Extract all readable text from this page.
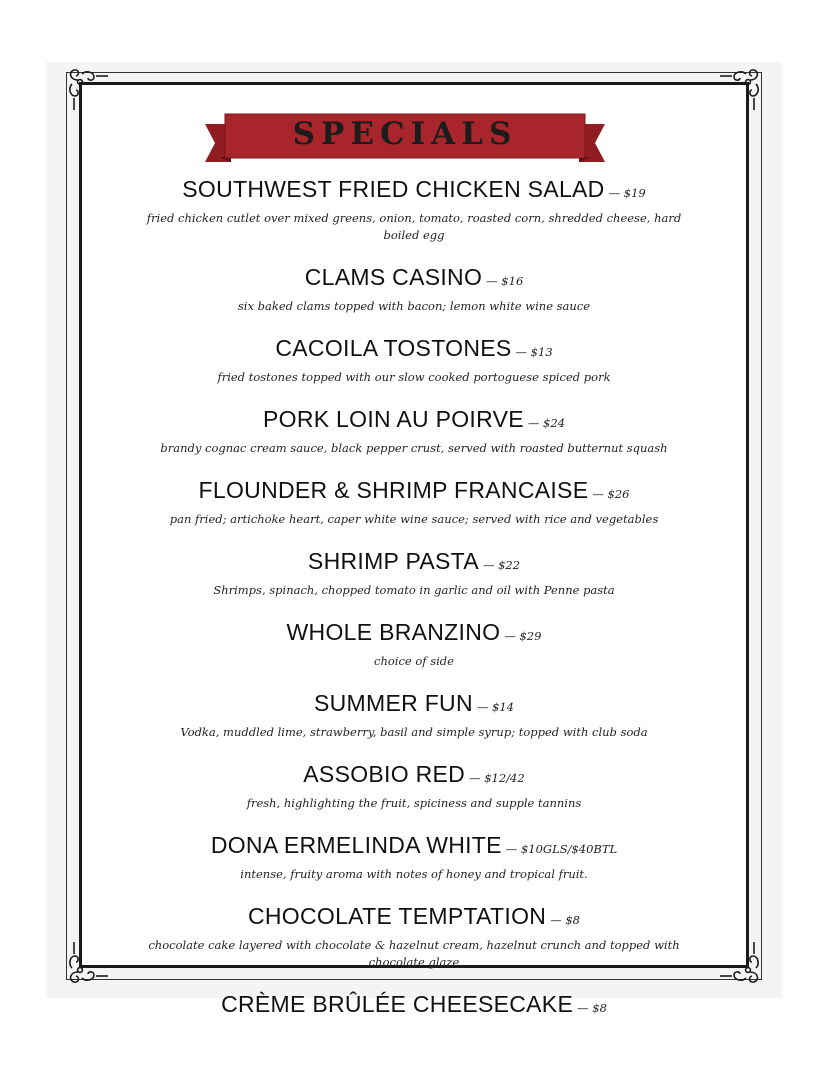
SPECIALS
SOUTHWEST FRIED CHICKEN SALAD — $19
fried chicken cutlet over mixed greens, onion, tomato, roasted corn, shredded cheese, hard boiled egg
CLAMS CASINO — $16
six baked clams topped with bacon; lemon white wine sauce
CACOILA TOSTONES — $13
fried tostones topped with our slow cooked portoguese spiced pork
PORK LOIN AU POIRVE — $24
brandy cognac cream sauce, black pepper crust, served with roasted butternut squash
FLOUNDER & SHRIMP FRANCAISE — $26
pan fried; artichoke heart, caper white wine sauce; served with rice and vegetables
SHRIMP PASTA — $22
Shrimps, spinach, chopped tomato in garlic and oil with Penne pasta
WHOLE BRANZINO — $29
choice of side
SUMMER FUN — $14
Vodka, muddled lime, strawberry, basil and simple syrup; topped with club soda
ASSOBIO RED — $12/42
fresh, highlighting the fruit, spiciness and supple tannins
DONA ERMELINDA WHITE — $10GLS/$40BTL
intense, fruity aroma with notes of honey and tropical fruit.
CHOCOLATE TEMPTATION — $8
chocolate cake layered with chocolate & hazelnut cream, hazelnut crunch and topped with chocolate glaze
CRÈME BRÛLÉE CHEESECAKE — $8
